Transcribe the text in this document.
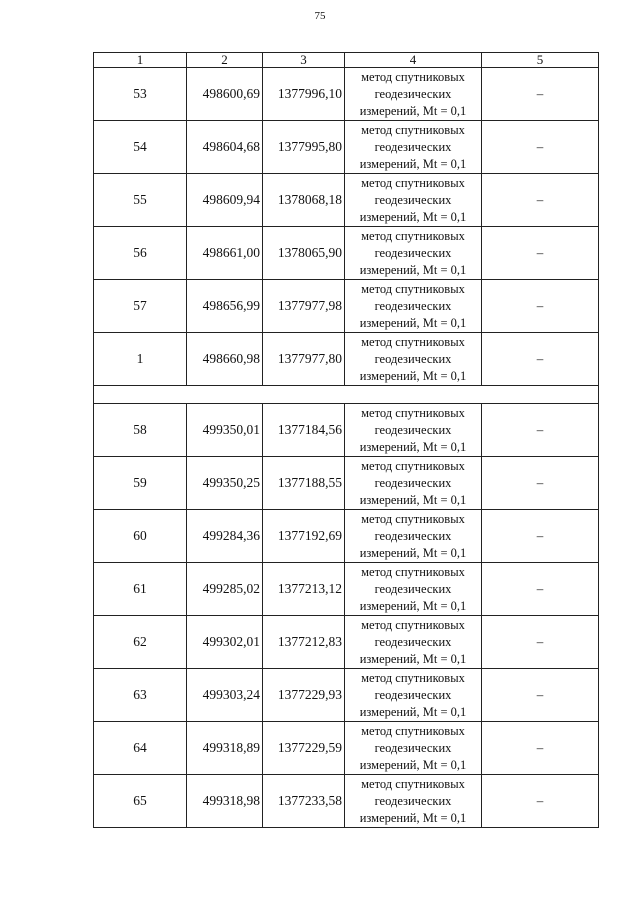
75
1	2	3	4	5
53	498600,69	1377996,10	метод спутниковых геодезических измерений, Mt = 0,1	–
54	498604,68	1377995,80	метод спутниковых геодезических измерений, Mt = 0,1	–
55	498609,94	1378068,18	метод спутниковых геодезических измерений, Mt = 0,1	–
56	498661,00	1378065,90	метод спутниковых геодезических измерений, Mt = 0,1	–
57	498656,99	1377977,98	метод спутниковых геодезических измерений, Mt = 0,1	–
1	498660,98	1377977,80	метод спутниковых геодезических измерений, Mt = 0,1	–

58	499350,01	1377184,56	метод спутниковых геодезических измерений, Mt = 0,1	–
59	499350,25	1377188,55	метод спутниковых геодезических измерений, Mt = 0,1	–
60	499284,36	1377192,69	метод спутниковых геодезических измерений, Mt = 0,1	–
61	499285,02	1377213,12	метод спутниковых геодезических измерений, Mt = 0,1	–
62	499302,01	1377212,83	метод спутниковых геодезических измерений, Mt = 0,1	–
63	499303,24	1377229,93	метод спутниковых геодезических измерений, Mt = 0,1	–
64	499318,89	1377229,59	метод спутниковых геодезических измерений, Mt = 0,1	–
65	499318,98	1377233,58	метод спутниковых геодезических измерений, Mt = 0,1	–
